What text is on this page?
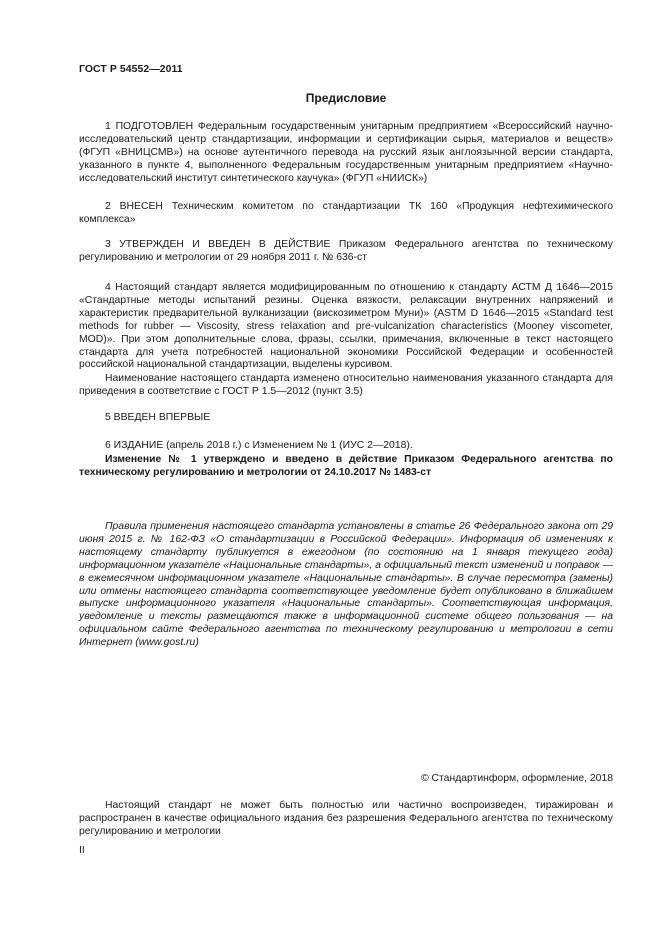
ГОСТ Р 54552—2011
Предисловие

1 ПОДГОТОВЛЕН Федеральным государственным унитарным предприятием «Всероссийский научно-исследовательский центр стандартизации, информации и сертификации сырья, материалов и веществ» (ФГУП «ВНИЦСМВ») на основе аутентичного перевода на русский язык англоязычной версии стандарта, указанного в пункте 4, выполненного Федеральным государственным унитарным предприятием «Научно-исследовательский институт синтетического каучука» (ФГУП «НИИСК»)

2 ВНЕСЕН Техническим комитетом по стандартизации ТК 160 «Продукция нефтехимического комплекса»

3 УТВЕРЖДЕН И ВВЕДЕН В ДЕЙСТВИЕ Приказом Федерального агентства по техническому регулированию и метрологии от 29 ноября 2011 г. № 636-ст

4 Настоящий стандарт является модифицированным по отношению к стандарту АСТМ Д 1646—2015 «Стандартные методы испытаний резины. Оценка вязкости, релаксации внутренних напряжений и характеристик предварительной вулканизации (вискозиметром Муни)» (ASTM D 1646—2015 «Standard test methods for rubber — Viscosity, stress relaxation and pre-vulcanization characteristics (Mooney viscometer, MOD)». При этом дополнительные слова, фразы, ссылки, примечания, включенные в текст настоящего стандарта для учета потребностей национальной экономики Российской Федерации и особенностей российской национальной стандартизации, выделены курсивом.

Наименование настоящего стандарта изменено относительно наименования указанного стандарта для приведения в соответствие с ГОСТ Р 1.5—2012 (пункт 3.5)

5 ВВЕДЕН ВПЕРВЫЕ

6 ИЗДАНИЕ (апрель 2018 г.) с Изменением № 1 (ИУС 2—2018).

Изменение № 1 утверждено и введено в действие Приказом Федерального агентства по техническому регулированию и метрологии от 24.10.2017 № 1483-ст

Правила применения настоящего стандарта установлены в статье 26 Федерального закона от 29 июня 2015 г. № 162-ФЗ «О стандартизации в Российской Федерации». Информация об изменениях к настоящему стандарту публикуется в ежегодном (по состоянию на 1 января текущего года) информационном указателе «Национальные стандарты», а официальный текст изменений и поправок — в ежемесячном информационном указателе «Национальные стандарты». В случае пересмотра (замены) или отмены настоящего стандарта соответствующее уведомление будет опубликовано в ближайшем выпуске информационного указателя «Национальные стандарты». Соответствующая информация, уведомление и тексты размещаются также в информационной системе общего пользования — на официальном сайте Федерального агентства по техническому регулированию и метрологии в сети Интернет (www.gost.ru)
© Стандартинформ, оформление, 2018
Настоящий стандарт не может быть полностью или частично воспроизведен, тиражирован и распространен в качестве официального издания без разрешения Федерального агентства по техническому регулированию и метрологии
II
